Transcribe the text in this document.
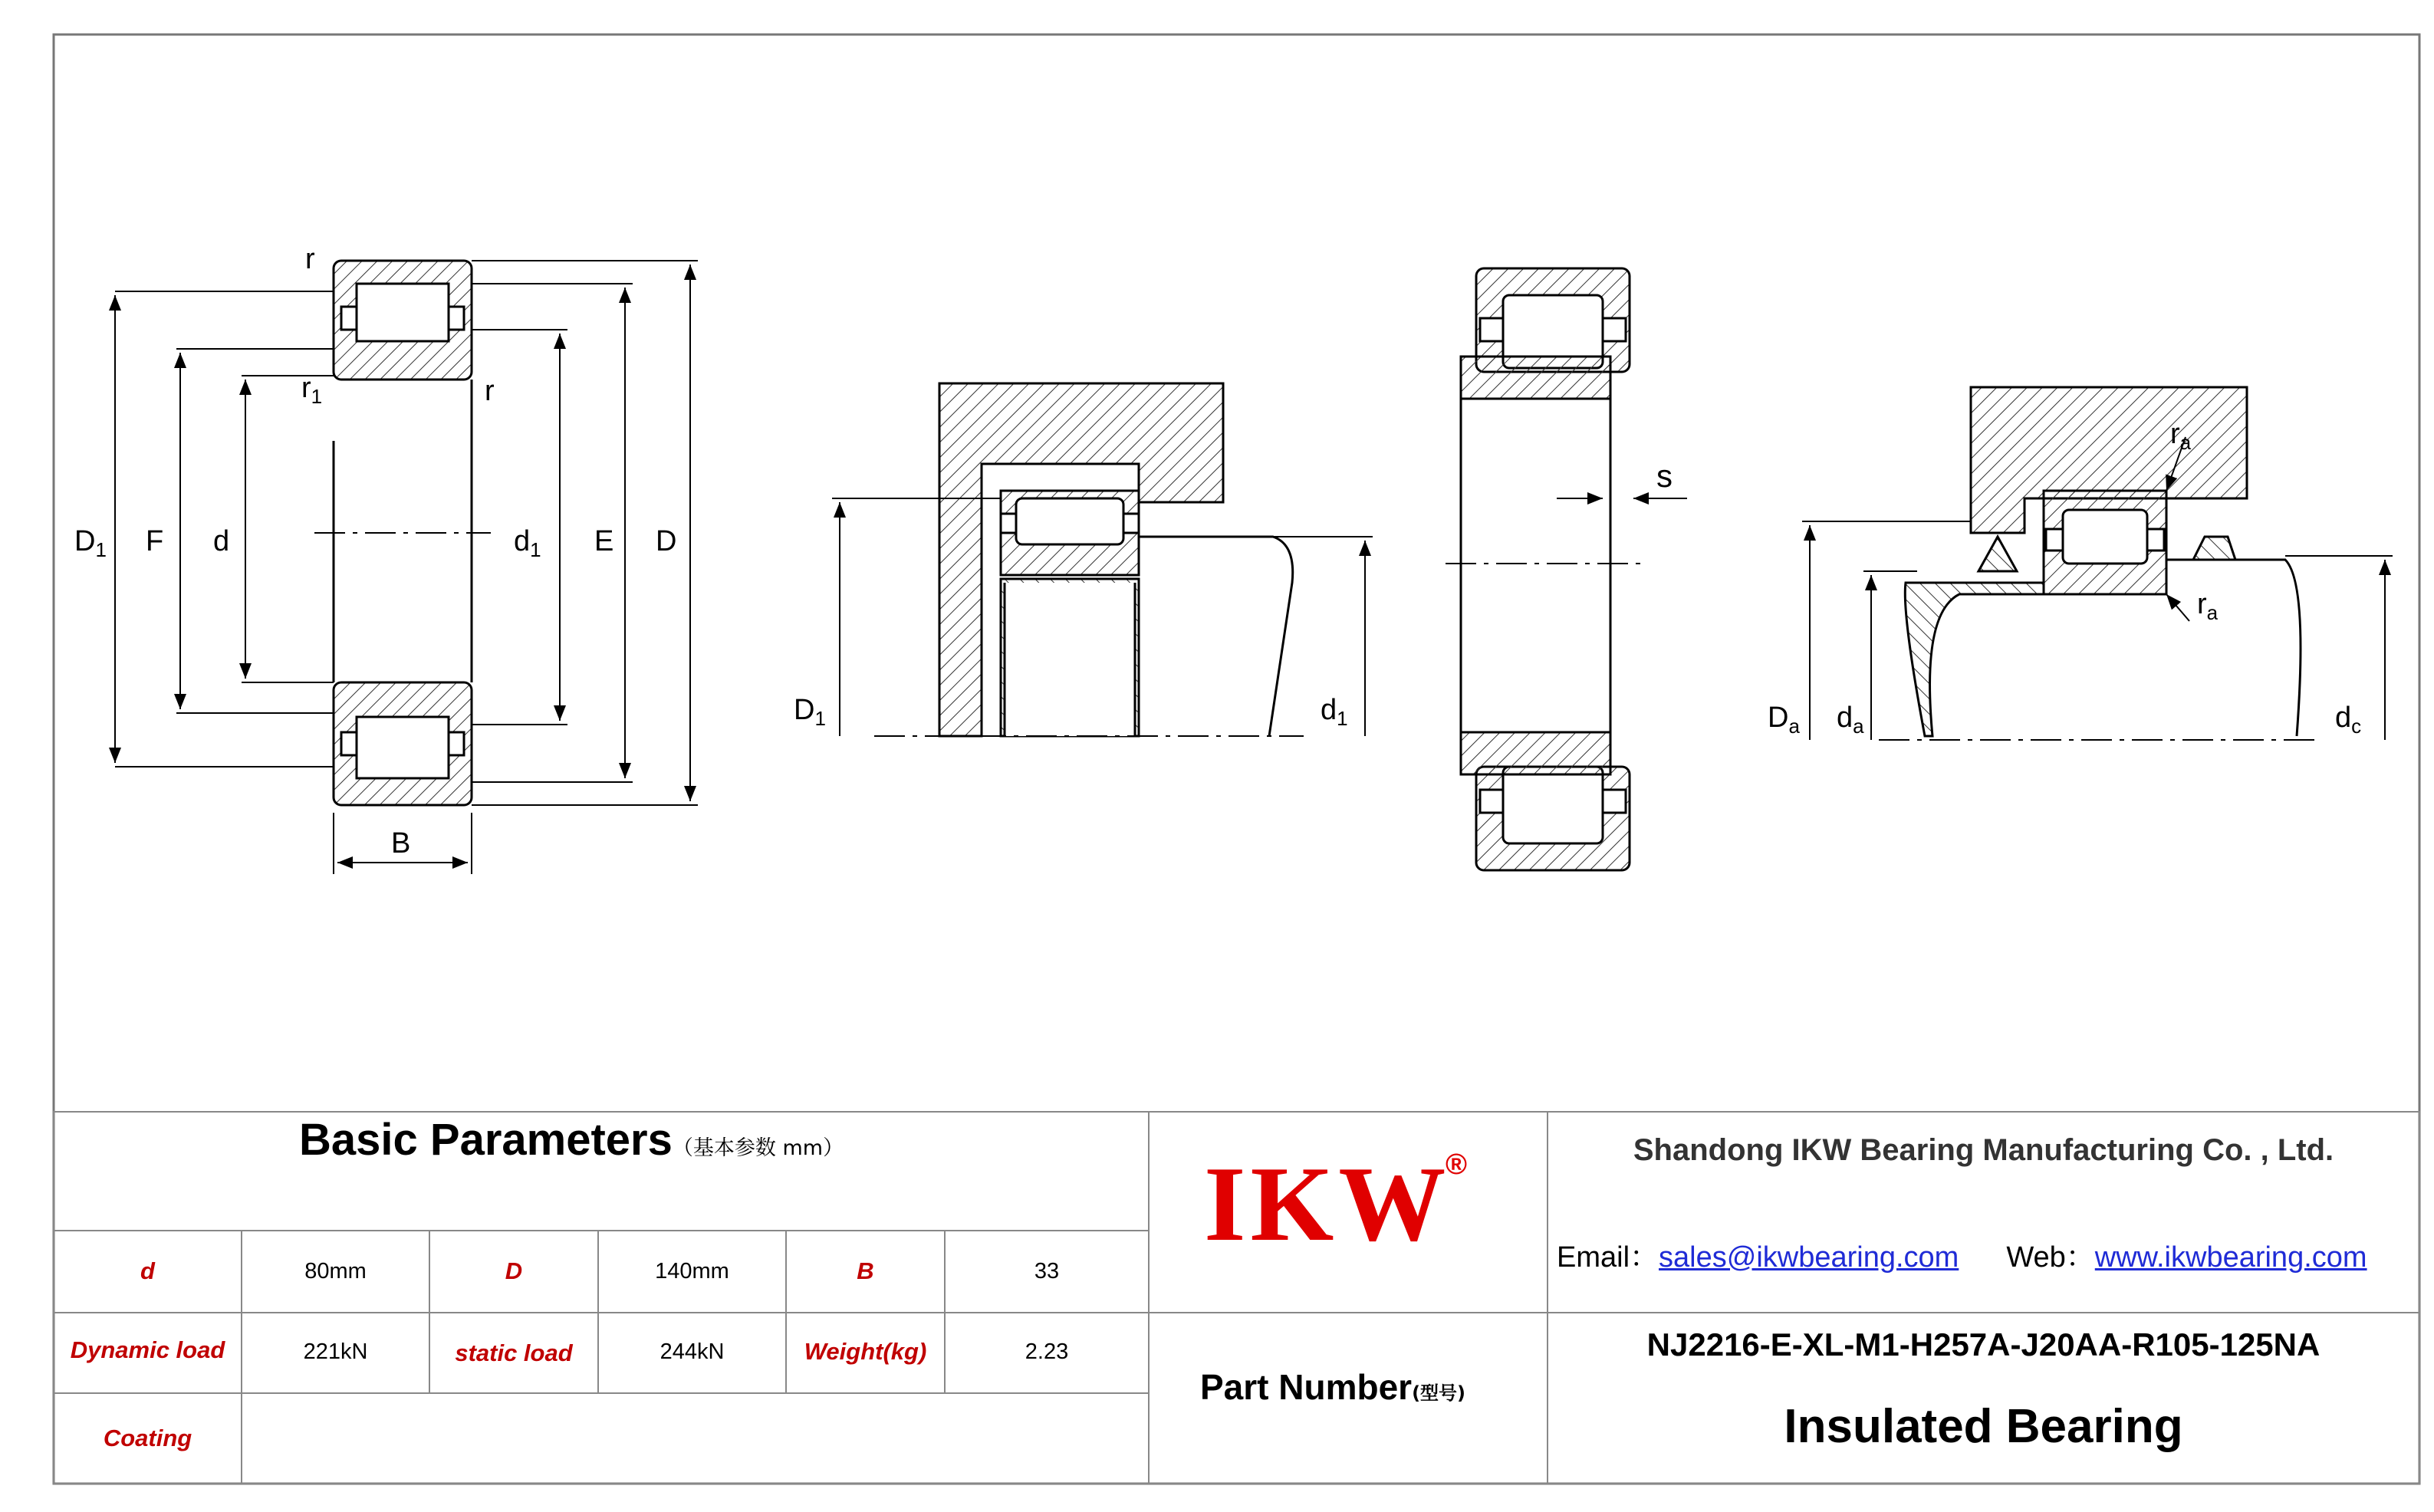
r
$r_1$	r
$D_1$ F d	$d_1$ E D
B
$D_1$	$d_1$
s
$r_a$
$r_a$
$D_a$ $d_a$	$d_c$
Basic Parameters（基本参数 mm）
d	80mm	D	140mm	B	33
Dynamic load	221kN	static load	244kN	Weight(kg)	2.23
Coating
IKW
®
Part Number(型号)
Shandong IKW Bearing Manufacturing Co. , Ltd.
Email：sales@ikwbearing.com Web：www.ikwbearing.com
NJ2216-E-XL-M1-H257A-J20AA-R105-125NA
Insulated Bearing
